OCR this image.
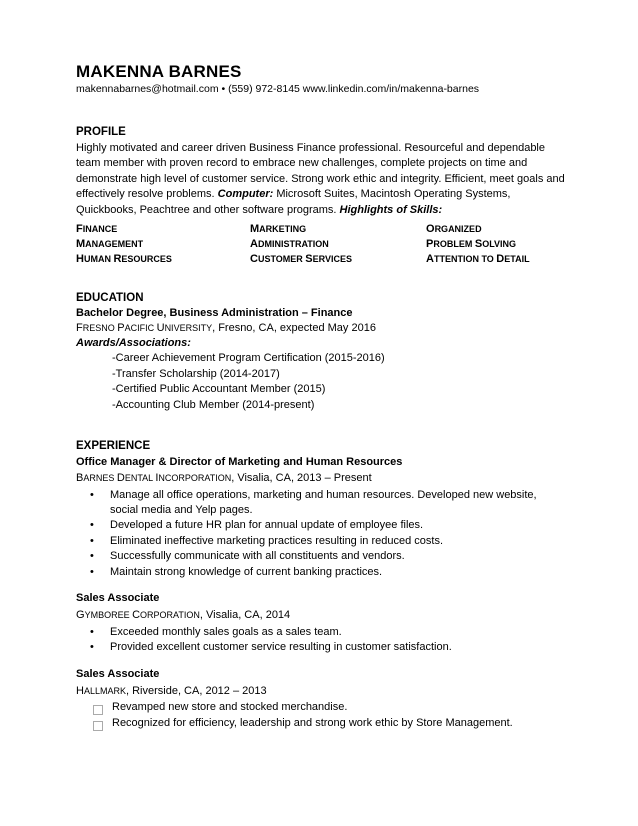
MAKENNA BARNES
makennabarnes@hotmail.com • (559) 972-8145 www.linkedin.com/in/makenna-barnes
PROFILE
Highly motivated and career driven Business Finance professional. Resourceful and dependable team member with proven record to embrace new challenges, complete projects on time and demonstrate high level of customer service. Strong work ethic and integrity. Efficient, meet goals and effectively resolve problems. Computer: Microsoft Suites, Macintosh Operating Systems, Quickbooks, Peachtree and other software programs. Highlights of Skills:
FINANCE	MARKETING	ORGANIZED
MANAGEMENT	ADMINISTRATION	PROBLEM SOLVING
HUMAN RESOURCES	CUSTOMER SERVICES	ATTENTION TO DETAIL
EDUCATION
Bachelor Degree, Business Administration – Finance
FRESNO PACIFIC UNIVERSITY, Fresno, CA, expected May 2016
Awards/Associations:
-Career Achievement Program Certification (2015-2016)
-Transfer Scholarship (2014-2017)
-Certified Public Accountant Member (2015)
-Accounting Club Member (2014-present)
EXPERIENCE
Office Manager & Director of Marketing and Human Resources
BARNES DENTAL INCORPORATION, Visalia, CA, 2013 – Present
•	Manage all office operations, marketing and human resources. Developed new website, social media and Yelp pages.
•	Developed a future HR plan for annual update of employee files.
•	Eliminated ineffective marketing practices resulting in reduced costs.
•	Successfully communicate with all constituents and vendors.
•	Maintain strong knowledge of current banking practices.
Sales Associate
GYMBOREE CORPORATION, Visalia, CA, 2014
•	Exceeded monthly sales goals as a sales team.
•	Provided excellent customer service resulting in customer satisfaction.
Sales Associate
HALLMARK, Riverside, CA, 2012 – 2013
Revamped new store and stocked merchandise.
Recognized for efficiency, leadership and strong work ethic by Store Management.
